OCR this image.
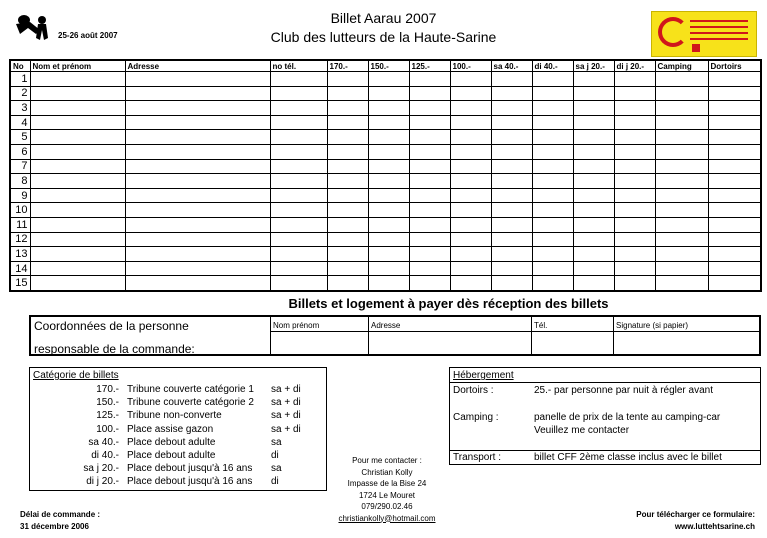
25-26 août 2007
Billet Aarau 2007
Club des lutteurs de la Haute-Sarine
No	Nom et prénom	Adresse	no tél.	170.-	150.-	125.-	100.-	sa 40.-	di 40.-	sa j 20.-	di j 20.-	Camping	Dortoirs
1													
2													
3													
4													
5													
6													
7													
8													
9													
10													
11													
12													
13													
14													
15													
Billets et logement à payer dès réception des billets
Coordonnées de la personne
responsable de la commande:
Nom prénom	Adresse	Tél.	Signature (si papier)
Catégorie de billets
170.- Tribune couverte catégorie 1 sa + di
150.- Tribune couverte catégorie 2 sa + di
125.- Tribune non-converte	sa + di
100.- Place assise gazon	sa + di
sa 40.- Place debout adulte	sa
di 40.- Place debout adulte	di
sa j 20.- Place debout jusqu'à 16 ans sa
di j 20.- Place debout jusqu'à 16 ans di
Hébergement
Dortoirs :	25.- par personne par nuit à régler avant
Camping :	panelle de prix de la tente au camping-car
Veuillez me contacter
Transport :	billet CFF 2ème classe inclus avec le billet
Pour me contacter :
Christian Kolly
Impasse de la Bise 24
1724 Le Mouret
079/290.02.46
christiankolly@hotmail.com
Délai de commande :
31 décembre 2006
Pour télécharger ce formulaire:
www.luttehtsarine.ch
